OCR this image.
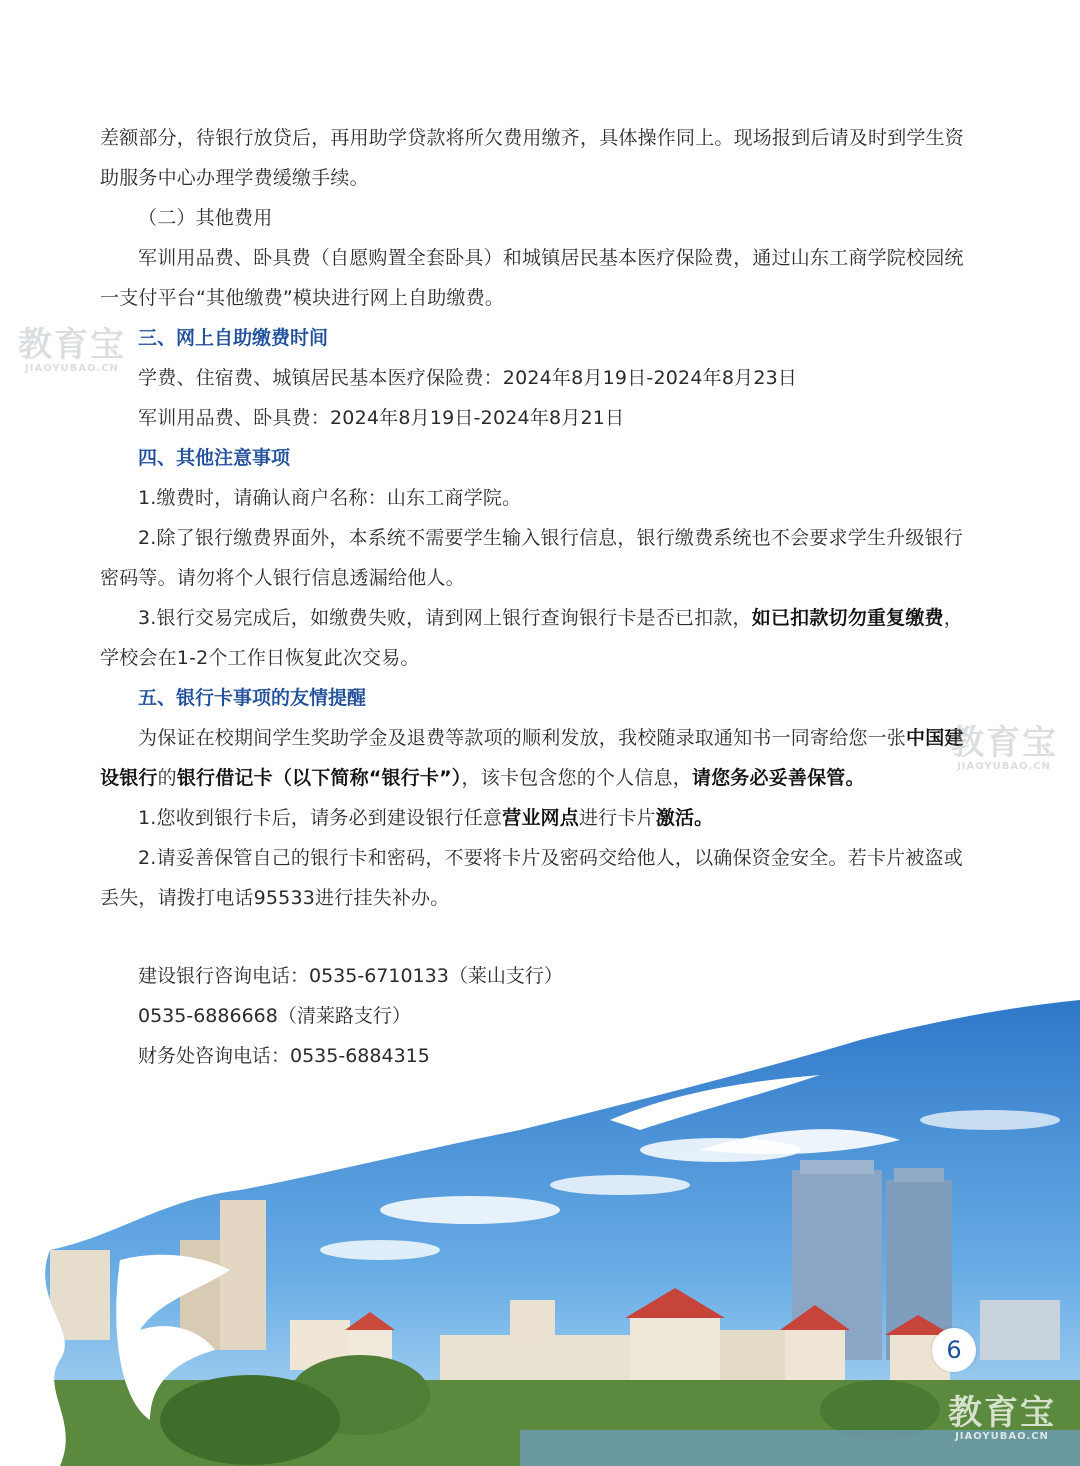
差额部分，待银行放贷后，再用助学贷款将所欠费用缴齐，具体操作同上。现场报到后请及时到学生资助服务中心办理学费缓缴手续。

（二）其他费用

军训用品费、卧具费（自愿购置全套卧具）和城镇居民基本医疗保险费，通过山东工商学院校园统一支付平台“其他缴费”模块进行网上自助缴费。

三、网上自助缴费时间

学费、住宿费、城镇居民基本医疗保险费：2024年8月19日-2024年8月23日

军训用品费、卧具费：2024年8月19日-2024年8月21日

四、其他注意事项

1.缴费时，请确认商户名称：山东工商学院。

2.除了银行缴费界面外，本系统不需要学生输入银行信息，银行缴费系统也不会要求学生升级银行密码等。请勿将个人银行信息透漏给他人。

3.银行交易完成后，如缴费失败，请到网上银行查询银行卡是否已扣款，如已扣款切勿重复缴费，学校会在1-2个工作日恢复此次交易。

五、银行卡事项的友情提醒

为保证在校期间学生奖助学金及退费等款项的顺利发放，我校随录取通知书一同寄给您一张中国建设银行的银行借记卡（以下简称“银行卡”），该卡包含您的个人信息，请您务必妥善保管。

1.您收到银行卡后，请务必到建设银行任意营业网点进行卡片激活。

2.请妥善保管自己的银行卡和密码，不要将卡片及密码交给他人，以确保资金安全。若卡片被盗或丢失，请拨打电话95533进行挂失补办。

建设银行咨询电话：0535-6710133（莱山支行）

0535-6886668（清莱路支行）

财务处咨询电话：0535-6884315

教育宝
JIAOYUBAO.CN
教育宝
JIAOYUBAO.CN
6
教育宝
JIAOYUBAO.CN
